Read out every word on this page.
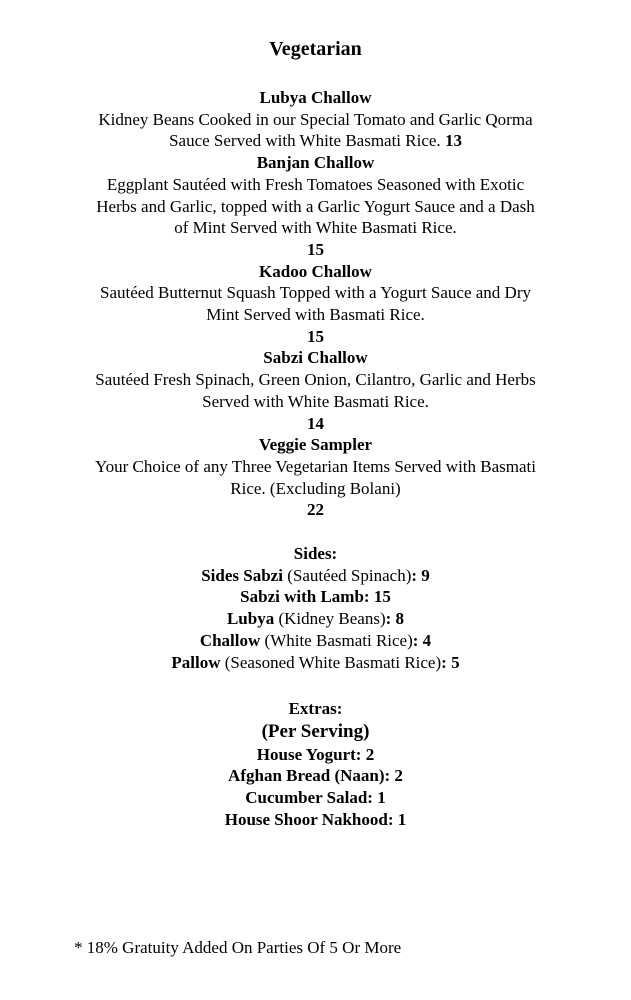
Vegetarian
Lubya Challow
Kidney Beans Cooked in our Special Tomato and Garlic Qorma
Sauce Served with White Basmati Rice. 13
Banjan Challow
Eggplant Sautéed with Fresh Tomatoes Seasoned with Exotic
Herbs and Garlic, topped with a Garlic Yogurt Sauce and a Dash
of Mint Served with White Basmati Rice.
15
Kadoo Challow
Sautéed Butternut Squash Topped with a Yogurt Sauce and Dry
Mint Served with Basmati Rice.
15
Sabzi Challow
Sautéed Fresh Spinach, Green Onion, Cilantro, Garlic and Herbs
Served with White Basmati Rice.
14
Veggie Sampler
Your Choice of any Three Vegetarian Items Served with Basmati
Rice. (Excluding Bolani)
22
Sides:
Sides Sabzi (Sautéed Spinach): 9
Sabzi with Lamb: 15
Lubya (Kidney Beans): 8
Challow (White Basmati Rice): 4
Pallow (Seasoned White Basmati Rice): 5
Extras:
(Per Serving)
House Yogurt: 2
Afghan Bread (Naan): 2
Cucumber Salad: 1
House Shoor Nakhood: 1
* 18% Gratuity Added On Parties Of 5 Or More
